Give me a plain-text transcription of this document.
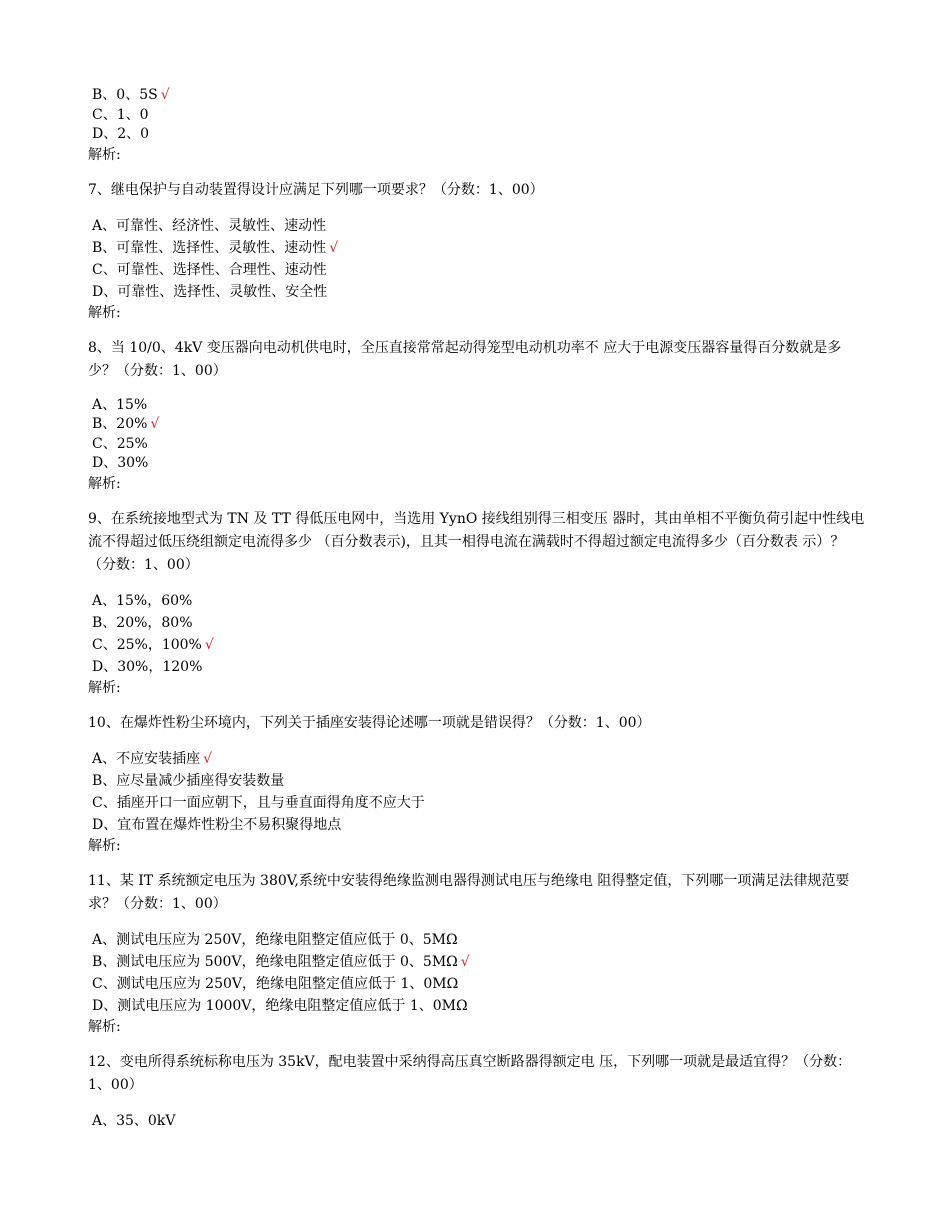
B、0、5S √
C、1、0
D、2、0
解析:
7、继电保护与自动装置得设计应满足下列哪一项要求？（分数：1、00）
A、可靠性、经济性、灵敏性、速动性
B、可靠性、选择性、灵敏性、速动性 √
C、可靠性、选择性、合理性、速动性
D、可靠性、选择性、灵敏性、安全性
解析:
8、当 10/0、4kV 变压器向电动机供电时，全压直接常常起动得笼型电动机功率不 应大于电源变压器容量得百分数就是多少？（分数：1、00）
A、15%
B、20% √
C、25%
D、30%
解析:
9、在系统接地型式为 TN 及 TT 得低压电网中，当选用 YynO 接线组别得三相变压 器时，其由单相不平衡负荷引起中性线电流不得超过低压绕组额定电流得多少 （百分数表示)，且其一相得电流在满载时不得超过额定电流得多少（百分数表 示）？（分数：1、00）
A、15%，60%
B、20%，80%
C、25%，100% √
D、30%，120%
解析:
10、在爆炸性粉尘环境内，下列关于插座安装得论述哪一项就是错误得？（分数：1、00）
A、不应安装插座 √
B、应尽量减少插座得安装数量
C、插座开口一面应朝下，且与垂直面得角度不应大于
D、宜布置在爆炸性粉尘不易积聚得地点
解析:
11、某 IT 系统额定电压为 380V,系统中安装得绝缘监测电器得测试电压与绝缘电 阻得整定值，下列哪一项满足法律规范要求？（分数：1、00）
A、测试电压应为 250V，绝缘电阻整定值应低于 0、5MΩ
B、测试电压应为 500V，绝缘电阻整定值应低于 0、5MΩ √
C、测试电压应为 250V，绝缘电阻整定值应低于 1、0MΩ
D、测试电压应为 1000V，绝缘电阻整定值应低于 1、0MΩ
解析:
12、变电所得系统标称电压为 35kV，配电装置中采纳得高压真空断路器得额定电 压，下列哪一项就是最适宜得？（分数：1、00）
A、35、0kV
